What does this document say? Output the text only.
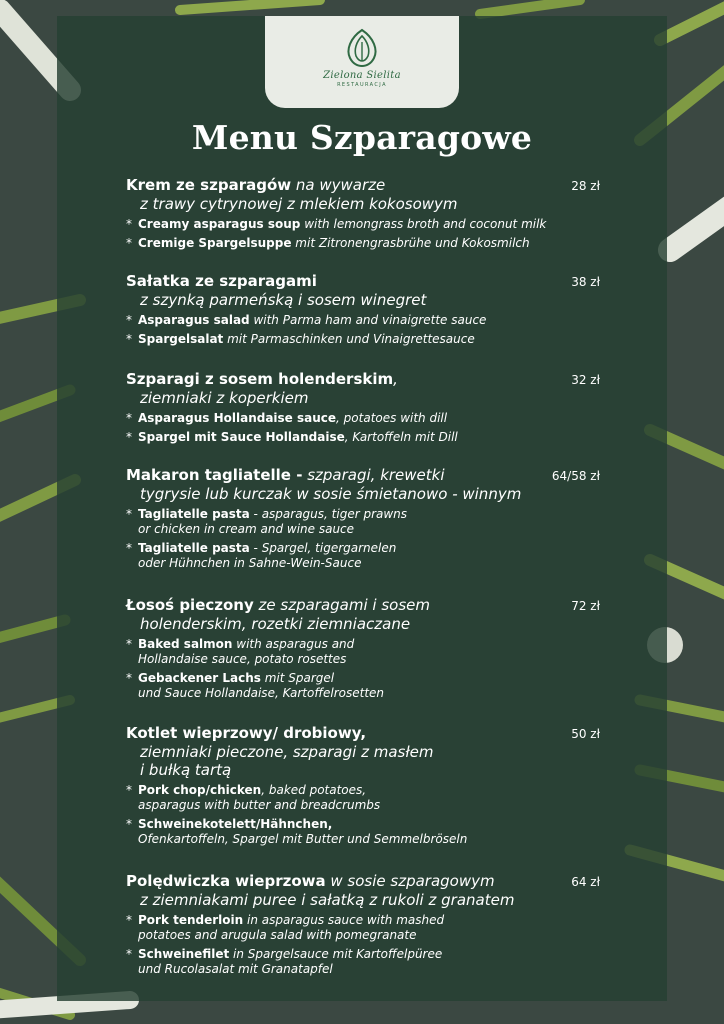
Zielona Sielita
RESTAURACJA
Menu Szparagowe
Krem ze szparagów na wywarze	28 zł
z trawy cytrynowej z mlekiem kokosowym
* Creamy asparagus soup with lemongrass broth and coconut milk
* Cremige Spargelsuppe mit Zitronengrasbrühe und Kokosmilch
Sałatka ze szparagami	38 zł
z szynką parmeńską i sosem winegret
* Asparagus salad with Parma ham and vinaigrette sauce
* Spargelsalat mit Parmaschinken und Vinaigrettesauce
Szparagi z sosem holenderskim,	32 zł
ziemniaki z koperkiem
* Asparagus Hollandaise sauce, potatoes with dill
* Spargel mit Sauce Hollandaise, Kartoffeln mit Dill
Makaron tagliatelle - szparagi, krewetki	64/58 zł
tygrysie lub kurczak w sosie śmietanowo - winnym
* Tagliatelle pasta - asparagus, tiger prawns
or chicken in cream and wine sauce
* Tagliatelle pasta - Spargel, tigergarnelen
oder Hühnchen in Sahne-Wein-Sauce
Łosoś pieczony ze szparagami i sosem	72 zł
holenderskim, rozetki ziemniaczane
* Baked salmon with asparagus and
Hollandaise sauce, potato rosettes
* Gebackener Lachs mit Spargel
und Sauce Hollandaise, Kartoffelrosetten
Kotlet wieprzowy/ drobiowy,	50 zł
ziemniaki pieczone, szparagi z masłem
i bułką tartą
* Pork chop/chicken, baked potatoes,
asparagus with butter and breadcrumbs
* Schweinekotelett/Hähnchen,
Ofenkartoffeln, Spargel mit Butter und Semmelbröseln
Polędwiczka wieprzowa w sosie szparagowym	64 zł
z ziemniakami puree i sałatką z rukoli z granatem
* Pork tenderloin in asparagus sauce with mashed
potatoes and arugula salad with pomegranate
* Schweinefilet in Spargelsauce mit Kartoffelpüree
und Rucolasalat mit Granatapfel
